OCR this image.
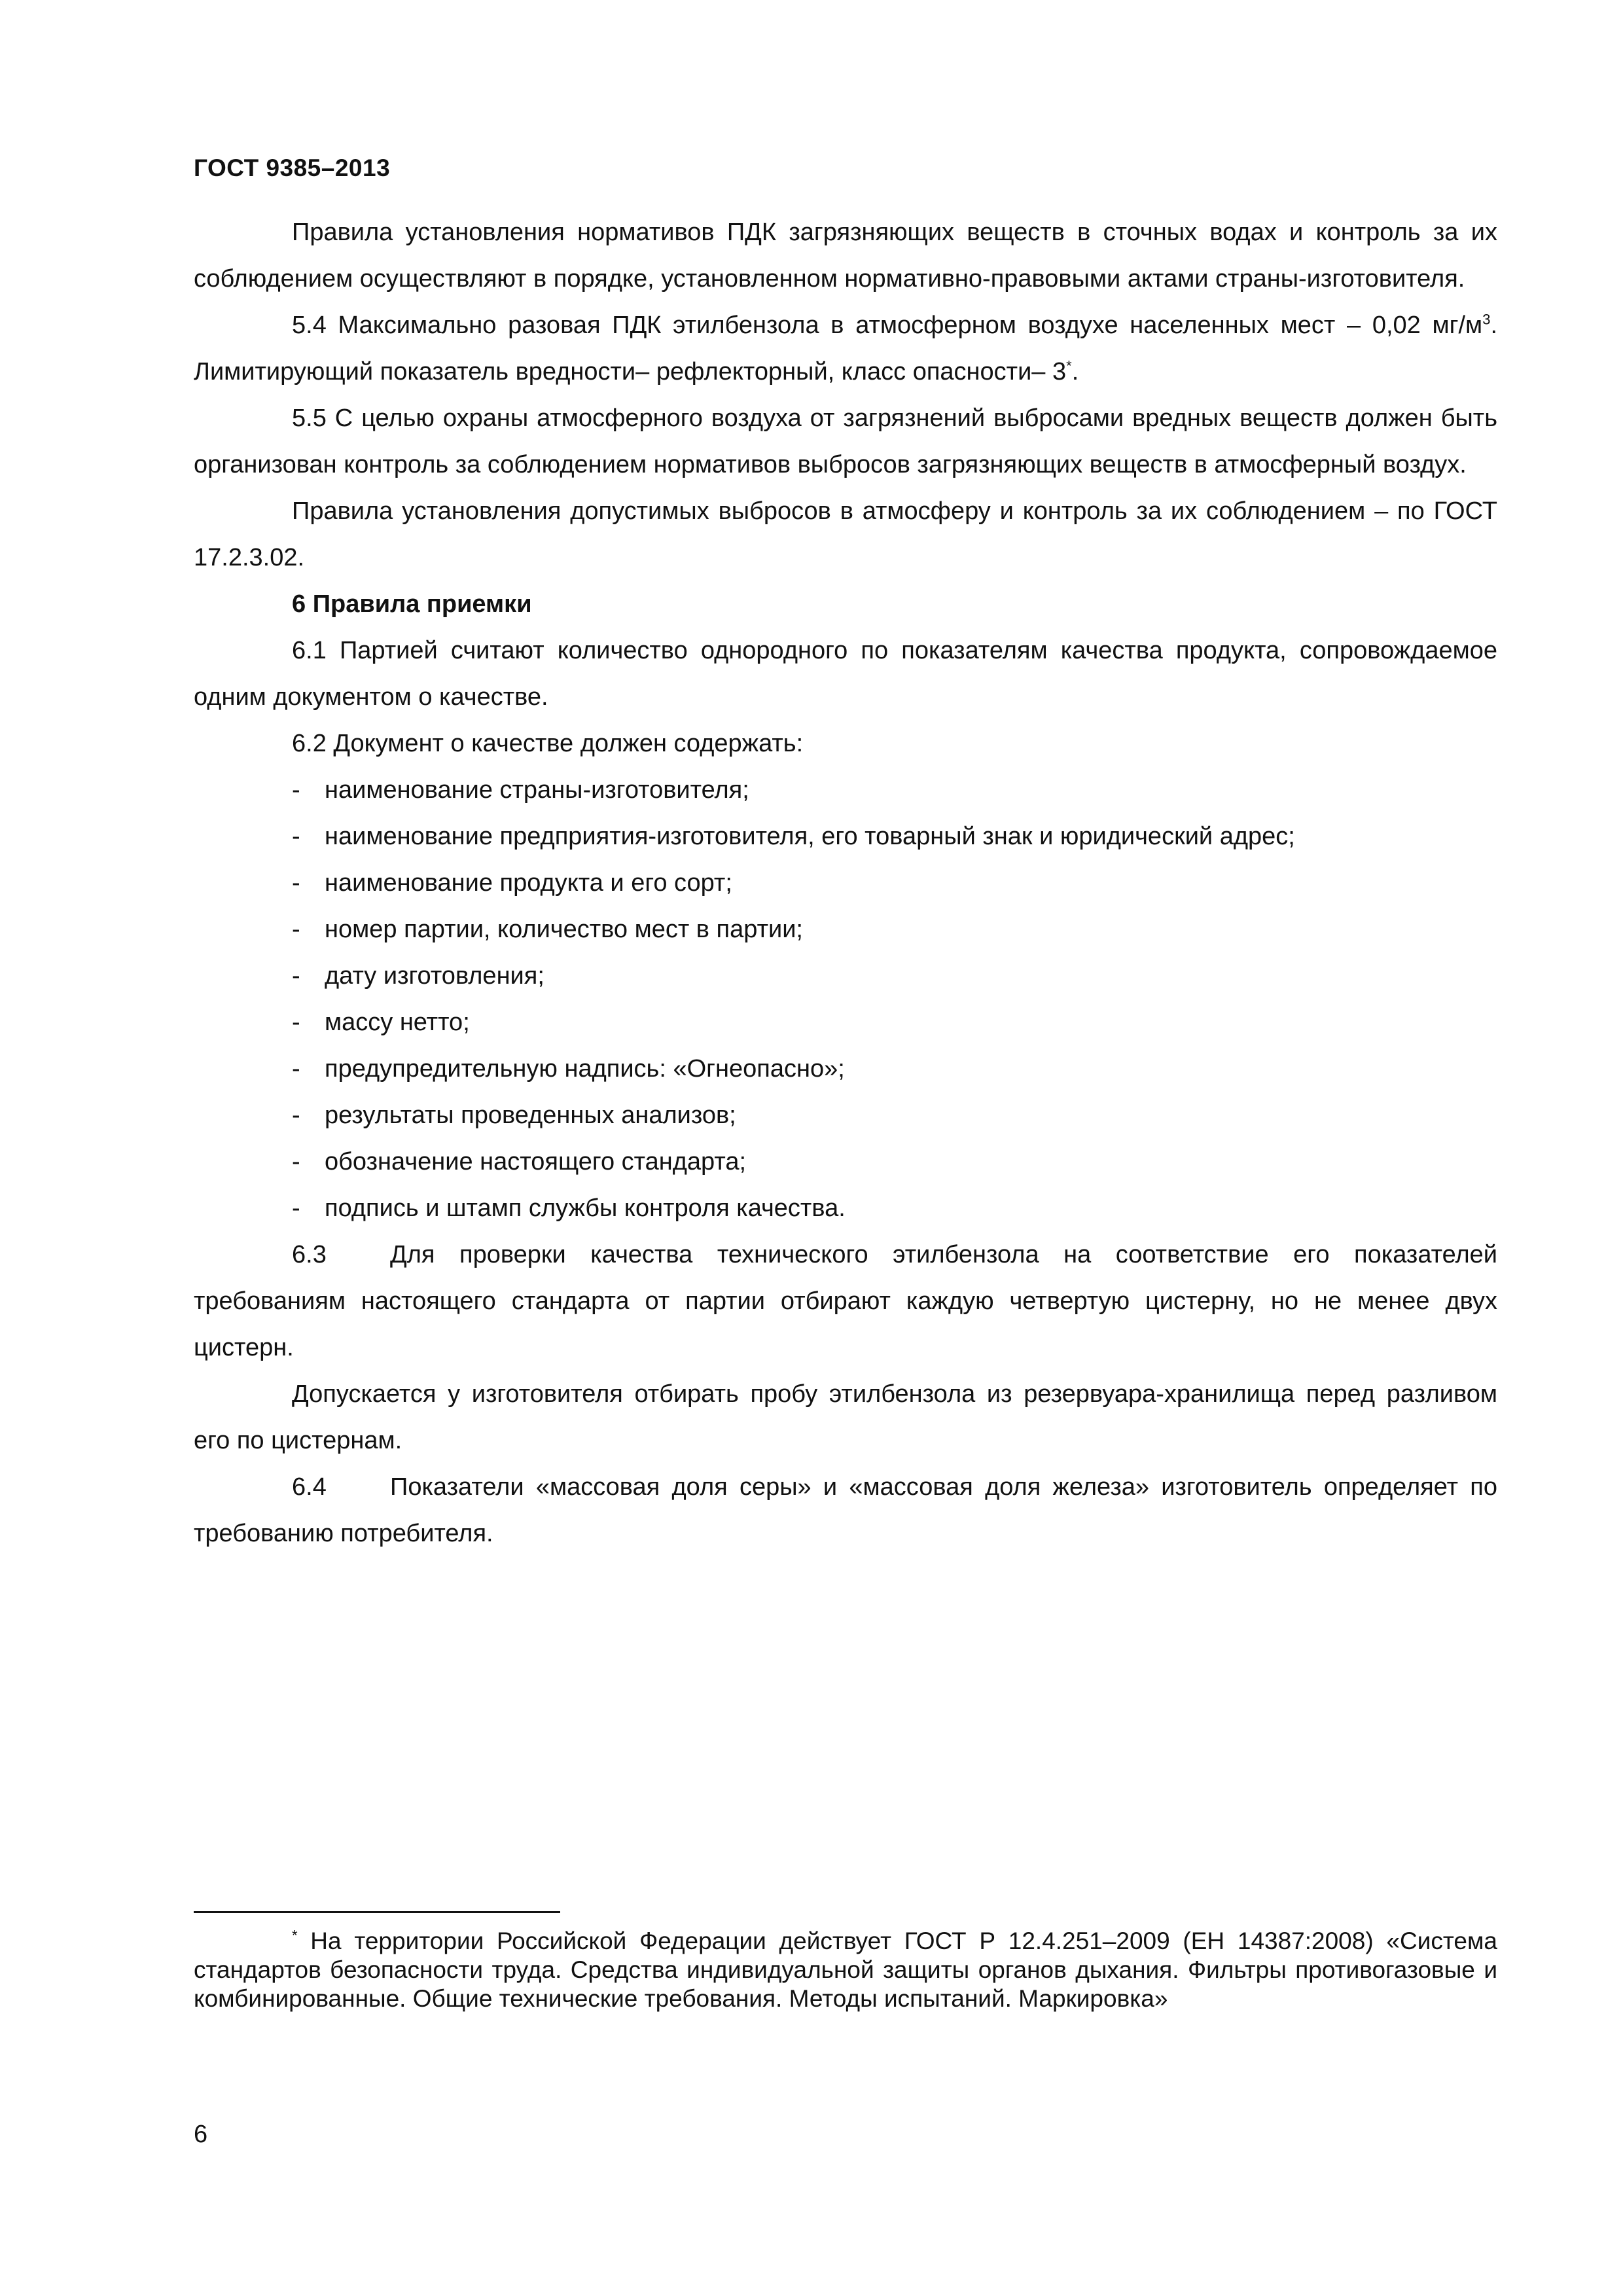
ГОСТ 9385–2013

Правила установления нормативов ПДК загрязняющих веществ в сточных водах и контроль за их соблюдением осуществляют в порядке, установленном нормативно-правовыми актами страны-изготовителя.

5.4 Максимально разовая ПДК этилбензола в атмосферном воздухе населенных мест – 0,02 $мг/м^3$. Лимитирующий показатель вредности– рефлекторный, класс опасности– 3*.

5.5 С целью охраны атмосферного воздуха от загрязнений выбросами вредных веществ должен быть организован контроль за соблюдением нормативов выбросов загрязняющих веществ в атмосферный воздух.

Правила установления допустимых выбросов в атмосферу и контроль за их соблюдением – по ГОСТ 17.2.3.02.

6 Правила приемки

6.1 Партией считают количество однородного по показателям качества продукта, сопровождаемое одним документом о качестве.

6.2 Документ о качестве должен содержать:

- наименование страны-изготовителя;
- наименование предприятия-изготовителя, его товарный знак и юридический адрес;
- наименование продукта и его сорт;
- номер партии, количество мест в партии;
- дату изготовления;
- массу нетто;
- предупредительную надпись: «Огнеопасно»;
- результаты проведенных анализов;
- обозначение настоящего стандарта;
- подпись и штамп службы контроля качества.

6.3	Для проверки качества технического этилбензола на соответствие его показателей требованиям настоящего стандарта от партии отбирают каждую четвертую цистерну, но не менее двух цистерн.

Допускается у изготовителя отбирать пробу этилбензола из резервуара-хранилища перед разливом его по цистернам.

6.4	Показатели «массовая доля серы» и «массовая доля железа» изготовитель определяет по требованию потребителя.

* На территории Российской Федерации действует ГОСТ Р 12.4.251–2009 (ЕН 14387:2008) «Система стандартов безопасности труда. Средства индивидуальной защиты органов дыхания. Фильтры противогазовые и комбинированные. Общие технические требования. Методы испытаний. Маркировка»
6
